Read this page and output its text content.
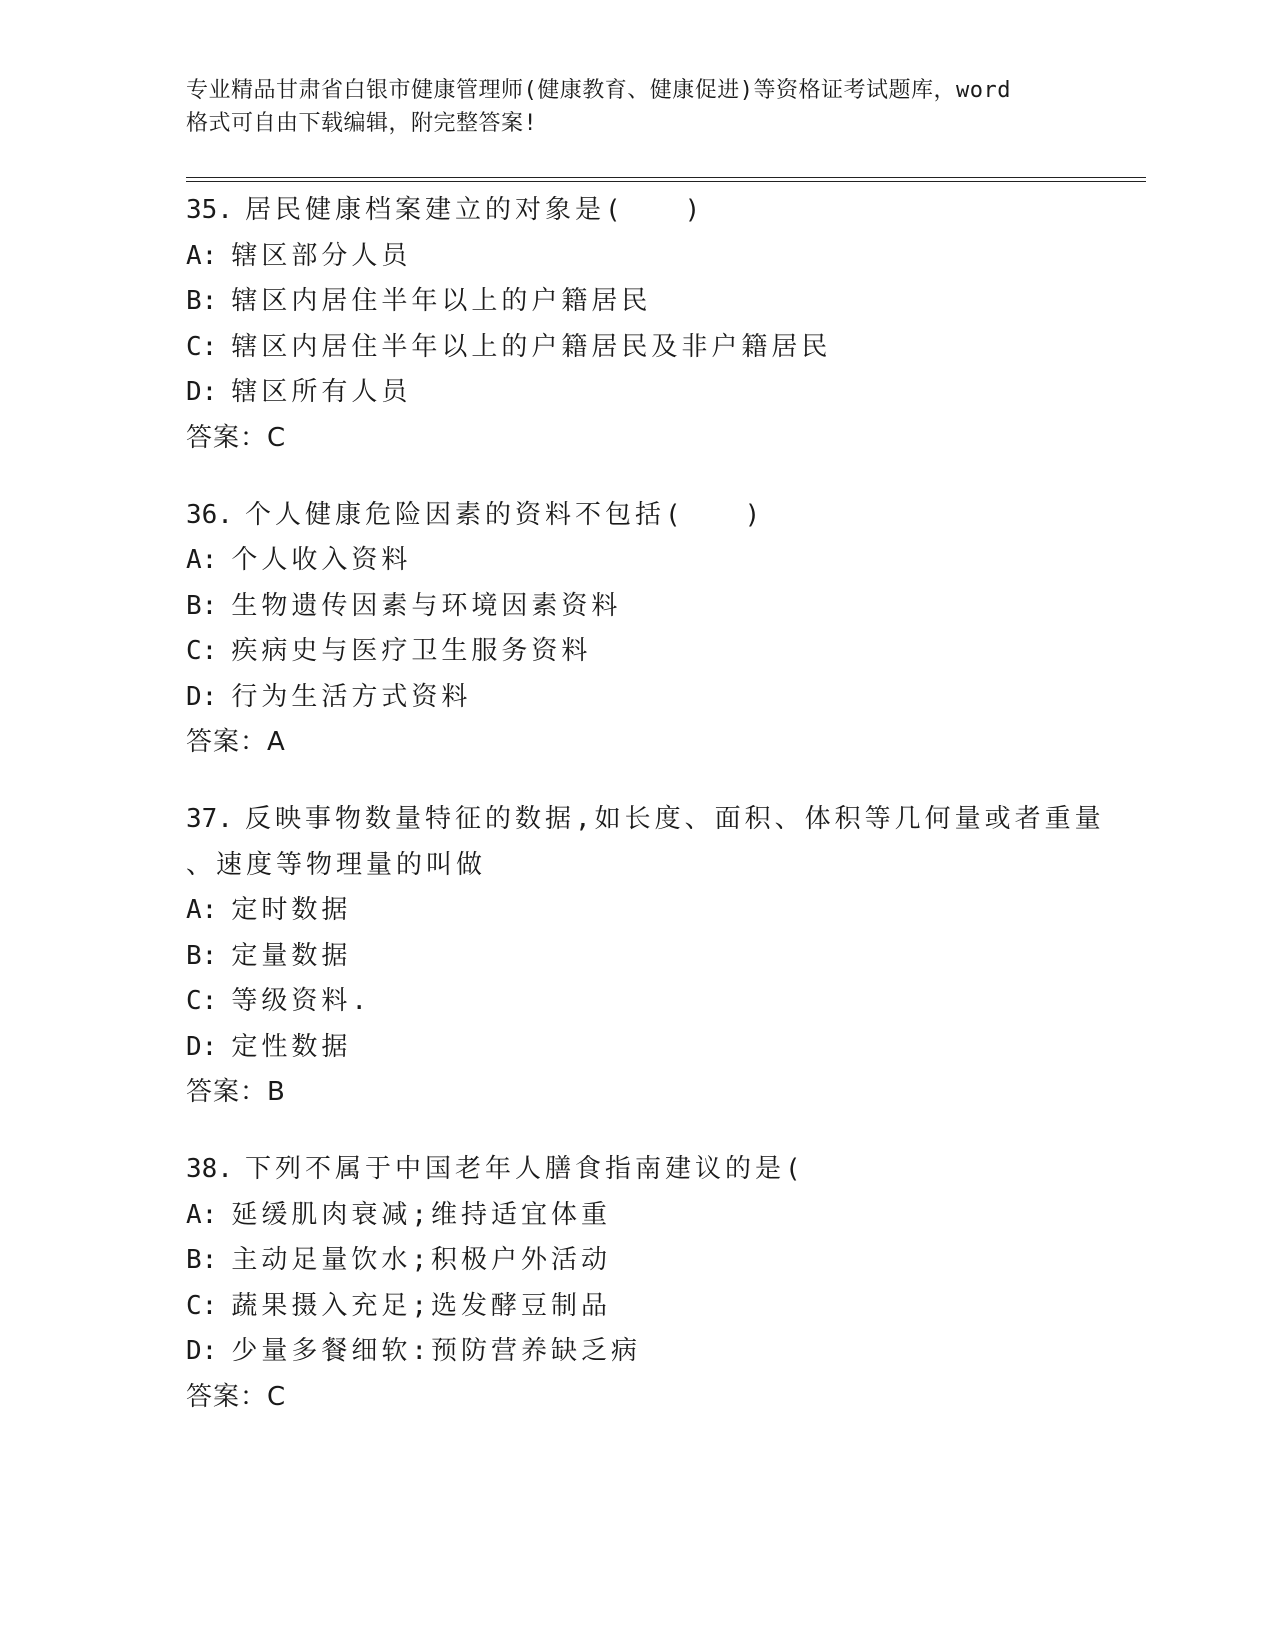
专业精品甘肃省白银市健康管理师(健康教育、健康促进)等资格证考试题库，word
格式可自由下载编辑，附完整答案!
35. 居民健康档案建立的对象是(　　)
A: 辖区部分人员
B: 辖区内居住半年以上的户籍居民
C: 辖区内居住半年以上的户籍居民及非户籍居民
D: 辖区所有人员
答案：C
36. 个人健康危险因素的资料不包括(　　)
A: 个人收入资料
B: 生物遗传因素与环境因素资料
C: 疾病史与医疗卫生服务资料
D: 行为生活方式资料
答案：A
37. 反映事物数量特征的数据,如长度、面积、体积等几何量或者重量
、速度等物理量的叫做
A: 定时数据
B: 定量数据
C: 等级资料.
D: 定性数据
答案：B
38. 下列不属于中国老年人膳食指南建议的是(
A: 延缓肌肉衰减;维持适宜体重
B: 主动足量饮水;积极户外活动
C: 蔬果摄入充足;选发酵豆制品
D: 少量多餐细软:预防营养缺乏病
答案：C
